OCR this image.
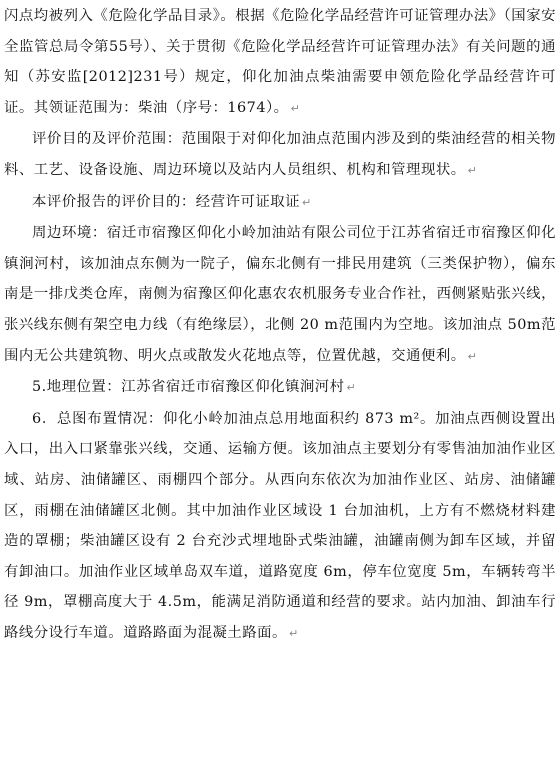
闪点均被列入《危险化学品目录》。根据《危险化学品经营许可证管理办法》（国家安全监管总局令第55号）、关于贯彻《危险化学品经营许可证管理办法》有关问题的通知（苏安监[2012]231号）规定，仰化加油点柴油需要申领危险化学品经营许可证。其领证范围为：柴油（序号：1674）。 ↵

评价目的及评价范围：范围限于对仰化加油点范围内涉及到的柴油经营的相关物料、工艺、设备设施、周边环境以及站内人员组织、机构和管理现状。 ↵

本评价报告的评价目的：经营许可证取证 ↵

周边环境：宿迁市宿豫区仰化小岭加油站有限公司位于江苏省宿迁市宿豫区仰化镇涧河村，该加油点东侧为一院子，偏东北侧有一排民用建筑（三类保护物），偏东南是一排戊类仓库，南侧为宿豫区仰化惠农农机服务专业合作社，西侧紧贴张兴线，张兴线东侧有架空电力线（有绝缘层），北侧 20 m范围内为空地。该加油点 50m范围内无公共建筑物、明火点或散发火花地点等，位置优越，交通便利。 ↵

5.地理位置：江苏省宿迁市宿豫区仰化镇涧河村 ↵

6．总图布置情况：仰化小岭加油点总用地面积约 873 m²。加油点西侧设置出入口，出入口紧靠张兴线，交通、运输方便。该加油点主要划分有零售油加油作业区域、站房、油储罐区、雨棚四个部分。从西向东依次为加油作业区、站房、油储罐区，雨棚在油储罐区北侧。其中加油作业区域设 1 台加油机，上方有不燃烧材料建造的罩棚；柴油罐区设有 2 台充沙式埋地卧式柴油罐，油罐南侧为卸车区域，并留有卸油口。加油作业区域单岛双车道，道路宽度 6m，停车位宽度 5m，车辆转弯半径 9m，罩棚高度大于 4.5m，能满足消防通道和经营的要求。站内加油、卸油车行路线分设行车道。道路路面为混凝土路面。 ↵
